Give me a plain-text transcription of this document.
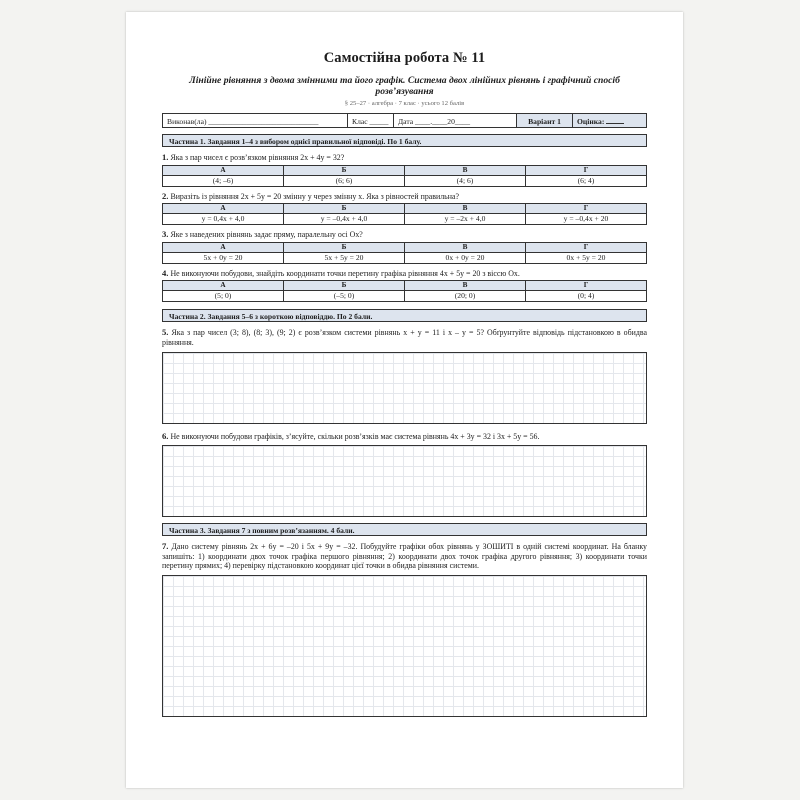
Самостійна робота № 11
Лінійне рівняння з двома змінними та його графік. Система двох лінійних рівнянь і графічний спосіб розв’язування
§ 25–27 · алгебра · 7 клас · усього 12 балів
Виконав(ла) _____________________________	Клас _____	Дата ____.____20____	Варіант 1	Оцінка:
Частина 1. Завдання 1–4 з вибором однієї правильної відповіді. По 1 балу.
1. Яка з пар чисел є розв’язком рівняння 2x + 4y = 32?
А	Б	В	Г
(4; –6)	(6; 6)	(4; 6)	(6; 4)
2. Виразіть із рівняння 2x + 5y = 20 змінну y через змінну x. Яка з рівностей правильна?
А	Б	В	Г
y = 0,4x + 4,0	y = –0,4x + 4,0	y = –2x + 4,0	y = –0,4x + 20
3. Яке з наведених рівнянь задає пряму, паралельну осі Ox?
А	Б	В	Г
5x + 0y = 20	5x + 5y = 20	0x + 0y = 20	0x + 5y = 20
4. Не виконуючи побудови, знайдіть координати точки перетину графіка рівняння 4x + 5y = 20 з віссю Ox.
А	Б	В	Г
(5; 0)	(–5; 0)	(20; 0)	(0; 4)
Частина 2. Завдання 5–6 з короткою відповіддю. По 2 бали.
5. Яка з пар чисел (3; 8), (8; 3), (9; 2) є розв’язком системи рівнянь x + y = 11 і x – y = 5? Обґрунтуйте відповідь підстановкою в обидва рівняння.
6. Не виконуючи побудови графіків, з’ясуйте, скільки розв’язків має система рівнянь 4x + 3y = 32 і 3x + 5y = 56.
Частина 3. Завдання 7 з повним розв’язанням. 4 бали.
7. Дано систему рівнянь 2x + 6y = –20 і 5x + 9y = –32. Побудуйте графіки обох рівнянь у ЗОШИТІ в одній системі координат. На бланку запишіть: 1) координати двох точок графіка першого рівняння; 2) координати двох точок графіка другого рівняння; 3) координати точки перетину прямих; 4) перевірку підстановкою координат цієї точки в обидва рівняння системи.
